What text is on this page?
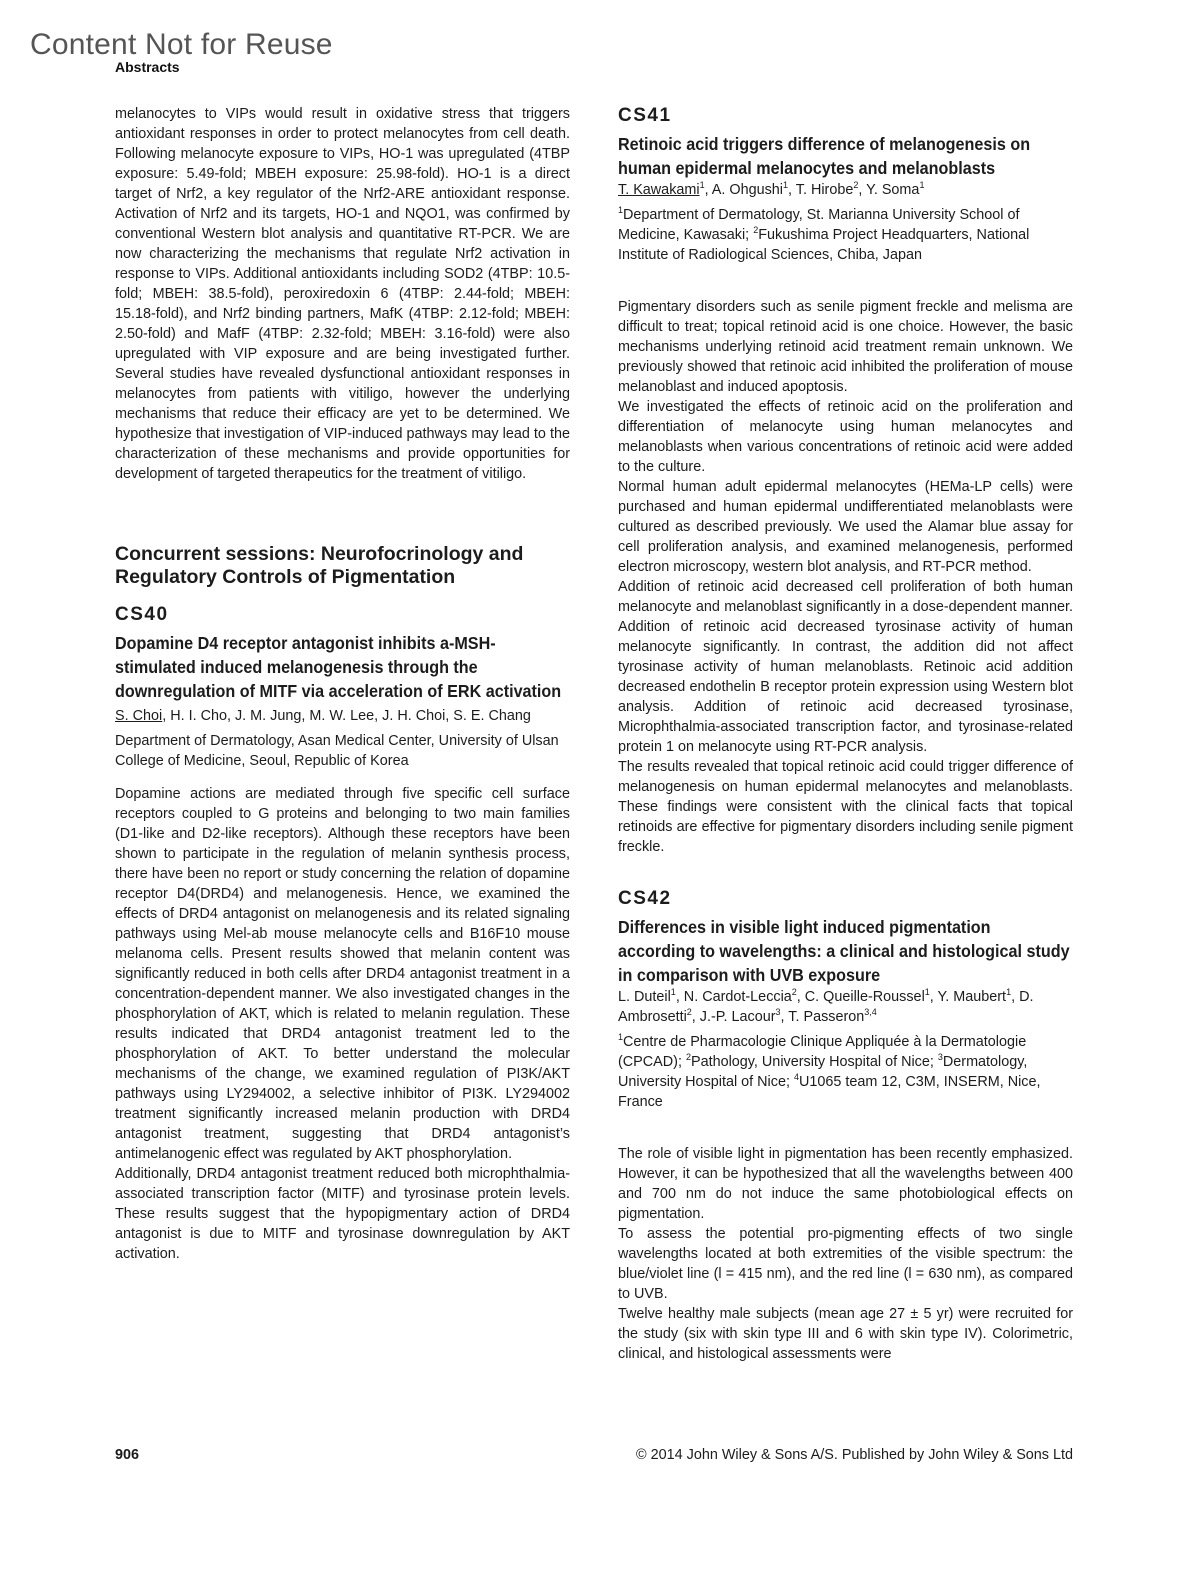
Content Not for Reuse
Abstracts

melanocytes to VIPs would result in oxidative stress that triggers antioxidant responses in order to protect melanocytes from cell death. Following melanocyte exposure to VIPs, HO-1 was upregulated (4TBP exposure: 5.49-fold; MBEH exposure: 25.98-fold). HO-1 is a direct target of Nrf2, a key regulator of the Nrf2-ARE antioxidant response. Activation of Nrf2 and its targets, HO-1 and NQO1, was confirmed by conventional Western blot analysis and quantitative RT-PCR. We are now characterizing the mechanisms that regulate Nrf2 activation in response to VIPs. Additional antioxidants including SOD2 (4TBP: 10.5-fold; MBEH: 38.5-fold), peroxiredoxin 6 (4TBP: 2.44-fold; MBEH: 15.18-fold), and Nrf2 binding partners, MafK (4TBP: 2.12-fold; MBEH: 2.50-fold) and MafF (4TBP: 2.32-fold; MBEH: 3.16-fold) were also upregulated with VIP exposure and are being investigated further. Several studies have revealed dysfunctional antioxidant responses in melanocytes from patients with vitiligo, however the underlying mechanisms that reduce their efficacy are yet to be determined. We hypothesize that investigation of VIP-induced pathways may lead to the characterization of these mechanisms and provide opportunities for development of targeted therapeutics for the treatment of vitiligo.

Concurrent sessions: Neurofocrinology and Regulatory Controls of Pigmentation

CS40

Dopamine D4 receptor antagonist inhibits a-MSH-stimulated induced melanogenesis through the downregulation of MITF via acceleration of ERK activation

S. Choi, H. I. Cho, J. M. Jung, M. W. Lee, J. H. Choi, S. E. Chang

Department of Dermatology, Asan Medical Center, University of Ulsan College of Medicine, Seoul, Republic of Korea

Dopamine actions are mediated through five specific cell surface receptors coupled to G proteins and belonging to two main families (D1-like and D2-like receptors). Although these receptors have been shown to participate in the regulation of melanin synthesis process, there have been no report or study concerning the relation of dopamine receptor D4(DRD4) and melanogenesis. Hence, we examined the effects of DRD4 antagonist on melanogenesis and its related signaling pathways using Mel-ab mouse melanocyte cells and B16F10 mouse melanoma cells. Present results showed that melanin content was significantly reduced in both cells after DRD4 antagonist treatment in a concentration-dependent manner. We also investigated changes in the phosphorylation of AKT, which is related to melanin regulation. These results indicated that DRD4 antagonist treatment led to the phosphorylation of AKT. To better understand the molecular mechanisms of the change, we examined regulation of PI3K/AKT pathways using LY294002, a selective inhibitor of PI3K. LY294002 treatment significantly increased melanin production with DRD4 antagonist treatment, suggesting that DRD4 antagonist’s antimelanogenic effect was regulated by AKT phosphorylation.

Additionally, DRD4 antagonist treatment reduced both microphthalmia-associated transcription factor (MITF) and tyrosinase protein levels. These results suggest that the hypopigmentary action of DRD4 antagonist is due to MITF and tyrosinase downregulation by AKT activation.

CS41

Retinoic acid triggers difference of melanogenesis on human epidermal melanocytes and melanoblasts

T. Kawakami$^1$, A. Ohgushi$^1$, T. Hirobe$^2$, Y. Soma$^1$

$^1$Department of Dermatology, St. Marianna University School of Medicine, Kawasaki; $^2$Fukushima Project Headquarters, National Institute of Radiological Sciences, Chiba, Japan

Pigmentary disorders such as senile pigment freckle and melisma are difficult to treat; topical retinoid acid is one choice. However, the basic mechanisms underlying retinoid acid treatment remain unknown. We previously showed that retinoic acid inhibited the proliferation of mouse melanoblast and induced apoptosis.

We investigated the effects of retinoic acid on the proliferation and differentiation of melanocyte using human melanocytes and melanoblasts when various concentrations of retinoic acid were added to the culture.

Normal human adult epidermal melanocytes (HEMa-LP cells) were purchased and human epidermal undifferentiated melanoblasts were cultured as described previously. We used the Alamar blue assay for cell proliferation analysis, and examined melanogenesis, performed electron microscopy, western blot analysis, and RT-PCR method.

Addition of retinoic acid decreased cell proliferation of both human melanocyte and melanoblast significantly in a dose-dependent manner. Addition of retinoic acid decreased tyrosinase activity of human melanocyte significantly. In contrast, the addition did not affect tyrosinase activity of human melanoblasts. Retinoic acid addition decreased endothelin B receptor protein expression using Western blot analysis. Addition of retinoic acid decreased tyrosinase, Microphthalmia-associated transcription factor, and tyrosinase-related protein 1 on melanocyte using RT-PCR analysis.

The results revealed that topical retinoic acid could trigger difference of melanogenesis on human epidermal melanocytes and melanoblasts. These findings were consistent with the clinical facts that topical retinoids are effective for pigmentary disorders including senile pigment freckle.

CS42

Differences in visible light induced pigmentation according to wavelengths: a clinical and histological study in comparison with UVB exposure

L. Duteil$^1$, N. Cardot-Leccia$^2$, C. Queille-Roussel$^1$, Y. Maubert$^1$, D. Ambrosetti$^2$, J.-P. Lacour$^3$, T. Passeron$^{3,4}$

$^1$Centre de Pharmacologie Clinique Appliquée à la Dermatologie (CPCAD); $^2$Pathology, University Hospital of Nice; $^3$Dermatology, University Hospital of Nice; $^4$U1065 team 12, C3M, INSERM, Nice, France

The role of visible light in pigmentation has been recently emphasized. However, it can be hypothesized that all the wavelengths between 400 and 700 nm do not induce the same photobiological effects on pigmentation.

To assess the potential pro-pigmenting effects of two single wavelengths located at both extremities of the visible spectrum: the blue/violet line (l = 415 nm), and the red line (l = 630 nm), as compared to UVB.

Twelve healthy male subjects (mean age 27 ± 5 yr) were recruited for the study (six with skin type III and 6 with skin type IV). Colorimetric, clinical, and histological assessments were

906	© 2014 John Wiley & Sons A/S. Published by John Wiley & Sons Ltd
